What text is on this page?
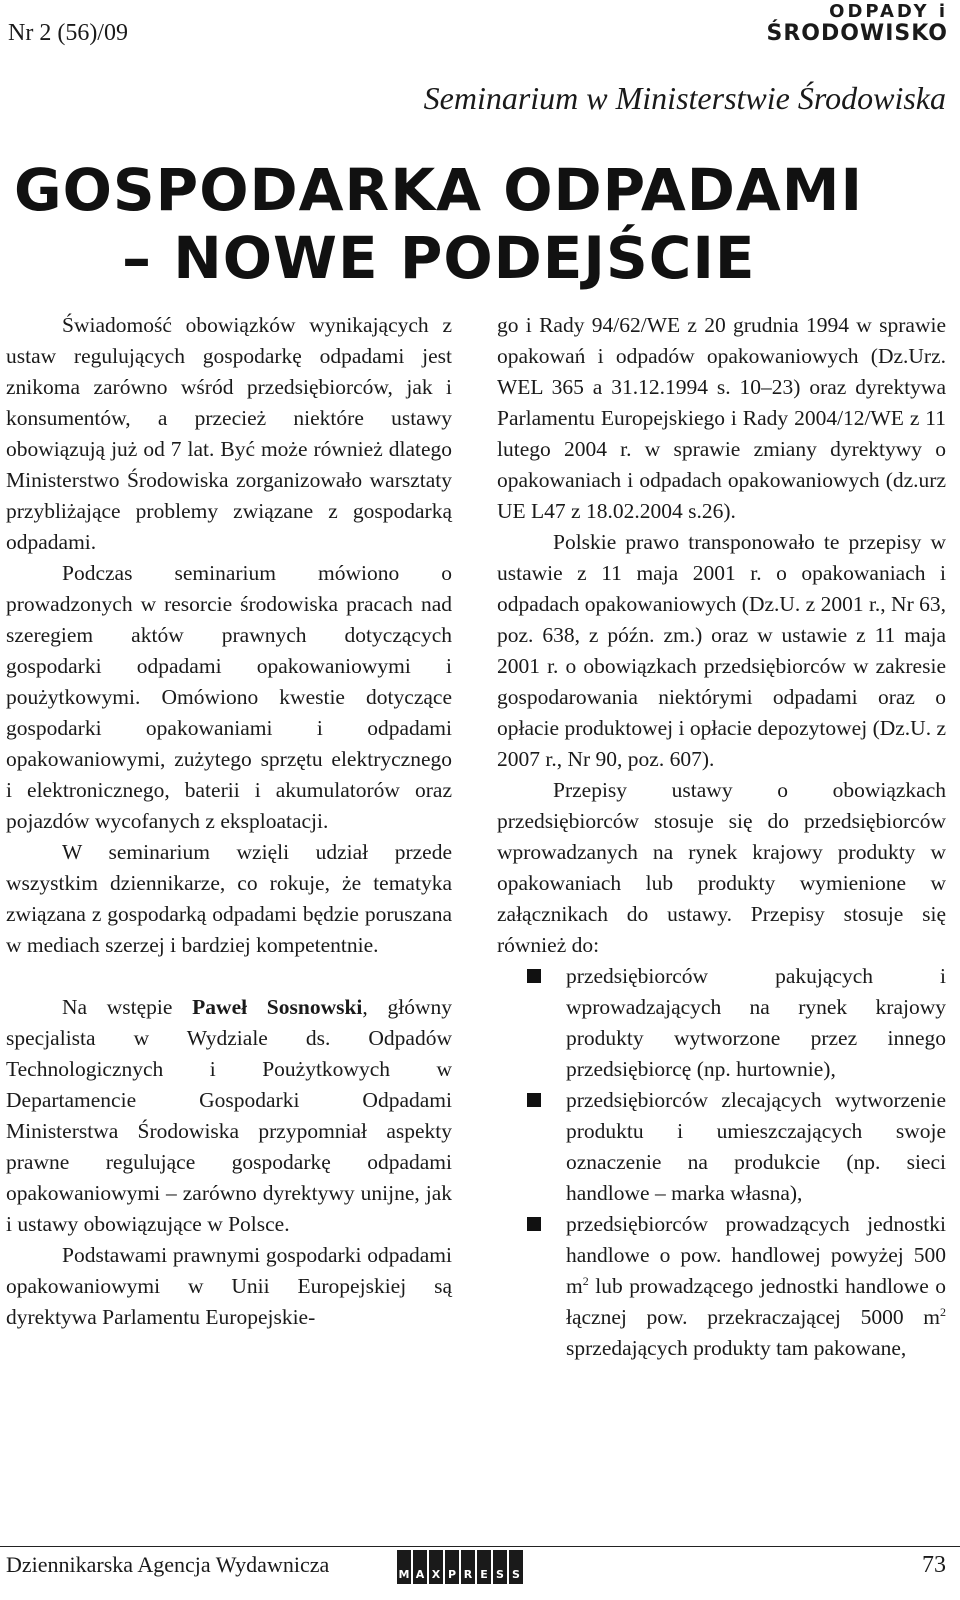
Nr 2 (56)/09
ODPADY i
ŚRODOWISKO
Seminarium w Ministerstwie Środowiska
GOSPODARKA ODPADAMI
– NOWE PODEJŚCIE

Świadomość obowiązków wynikających z ustaw regulujących gospodarkę odpadami jest znikoma zarówno wśród przedsiębiorców, jak i konsumentów, a przecież niektóre ustawy obowiązują już od 7 lat. Być może również dlatego Ministerstwo Środowiska zorganizowało warsztaty przybliżające problemy związane z gospodarką odpadami.

Podczas seminarium mówiono o prowadzonych w resorcie środowiska pracach nad szeregiem aktów prawnych dotyczących gospodarki odpadami opakowaniowymi i poużytkowymi. Omówiono kwestie dotyczące gospodarki opakowaniami i odpadami opakowaniowymi, zużytego sprzętu elektrycznego i elektronicznego, baterii i akumulatorów oraz pojazdów wycofanych z eksploatacji.

W seminarium wzięli udział przede wszystkim dziennikarze, co rokuje, że tematyka związana z gospodarką odpadami będzie poruszana w mediach szerzej i bardziej kompetentnie.

Na wstępie Paweł Sosnowski, główny specjalista w Wydziale ds. Odpadów Technologicznych i Poużytkowych w Departamencie Gospodarki Odpadami Ministerstwa Środowiska przypomniał aspekty prawne regulujące gospodarkę odpadami opakowaniowymi – zarówno dyrektywy unijne, jak i ustawy obowiązujące w Polsce.

Podstawami prawnymi gospodarki odpadami opakowaniowymi w Unii Europejskiej są dyrektywa Parlamentu Europejskie-

go i Rady 94/62/WE z 20 grudnia 1994 w sprawie opakowań i odpadów opakowaniowych (Dz.Urz. WEL 365 a 31.12.1994 s. 10–23) oraz dyrektywa Parlamentu Europejskiego i Rady 2004/12/WE z 11 lutego 2004 r. w sprawie zmiany dyrektywy o opakowaniach i odpadach opakowaniowych (dz.urz UE L47 z 18.02.2004 s.26).

Polskie prawo transponowało te przepisy w ustawie z 11 maja 2001 r. o opakowaniach i odpadach opakowaniowych (Dz.U. z 2001 r., Nr 63, poz. 638, z późn. zm.) oraz w ustawie z 11 maja 2001 r. o obowiązkach przedsiębiorców w zakresie gospodarowania niektórymi odpadami oraz o opłacie produktowej i opłacie depozytowej (Dz.U. z 2007 r., Nr 90, poz. 607).

Przepisy ustawy o obowiązkach przedsiębiorców stosuje się do przedsiębiorców wprowadzanych na rynek krajowy produkty w opakowaniach lub produkty wymienione w załącznikach do ustawy. Przepisy stosuje się również do:

przedsiębiorców pakujących i wprowadzających na rynek krajowy produkty wytworzone przez innego przedsiębiorcę (np. hurtownie),
przedsiębiorców zlecających wytworzenie produktu i umieszczających swoje oznaczenie na produkcie (np. sieci handlowe – marka własna),
przedsiębiorców prowadzących jednostki handlowe o pow. handlowej powyżej 500 $m^2$ lub prowadzącego jednostki handlowe o łącznej pow. przekraczającej 5000 $m^2$ sprzedających produkty tam pakowane,
Dziennikarska Agencja Wydawnicza	M A X P R E S S	73
